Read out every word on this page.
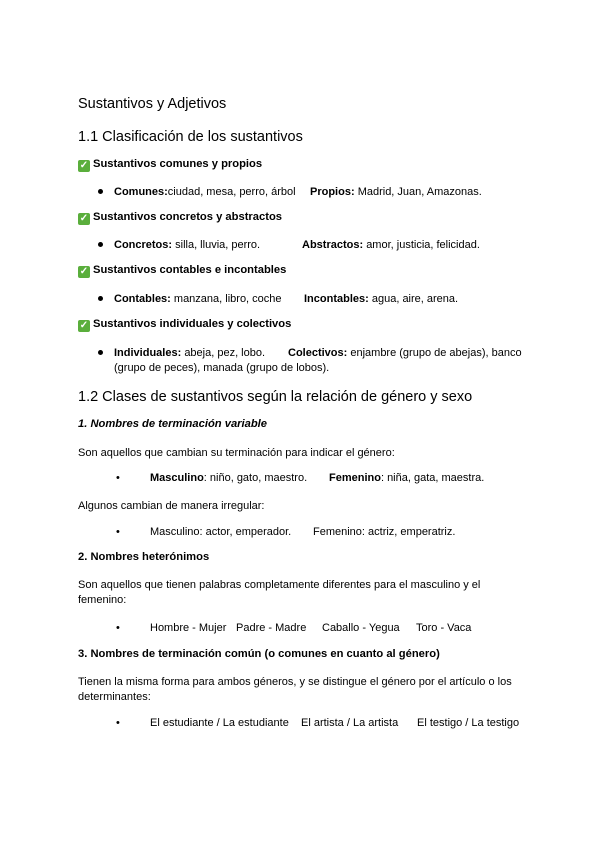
Sustantivos y Adjetivos
1.1 Clasificación de los sustantivos
✓ Sustantivos comunes y propios
Comunes:ciudad, mesa, perro, árbol Propios: Madrid, Juan, Amazonas.
✓ Sustantivos concretos y abstractos
Concretos: silla, lluvia, perro.	Abstractos: amor, justicia, felicidad.
✓ Sustantivos contables e incontables
Contables: manzana, libro, coche Incontables: agua, aire, arena.
✓ Sustantivos individuales y colectivos
Individuales: abeja, pez, lobo. Colectivos: enjambre (grupo de abejas), banco
(grupo de peces), manada (grupo de lobos).
1.2 Clases de sustantivos según la relación de género y sexo
1. Nombres de terminación variable
Son aquellos que cambian su terminación para indicar el género:
•	Masculino: niño, gato, maestro. Femenino: niña, gata, maestra.
Algunos cambian de manera irregular:
•	Masculino: actor, emperador. Femenino: actriz, emperatriz.
2. Nombres heterónimos
Son aquellos que tienen palabras completamente diferentes para el masculino y el
femenino:
•	Hombre - Mujer Padre - Madre Caballo - Yegua Toro - Vaca
3. Nombres de terminación común (o comunes en cuanto al género)
Tienen la misma forma para ambos géneros, y se distingue el género por el artículo o los
determinantes:
•	El estudiante / La estudiante El artista / La artista El testigo / La testigo
